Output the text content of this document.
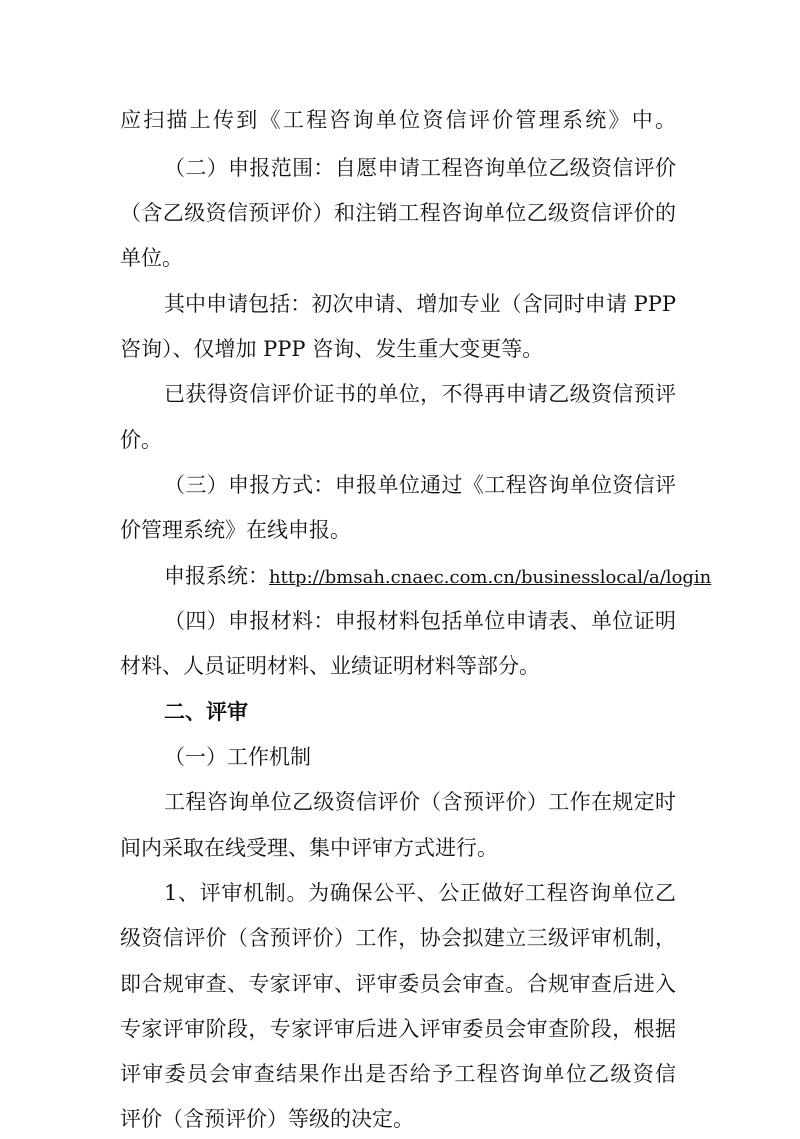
应扫描上传到《工程咨询单位资信评价管理系统》中。
（二）申报范围：自愿申请工程咨询单位乙级资信评价
（含乙级资信预评价）和注销工程咨询单位乙级资信评价的
单位。
其中申请包括：初次申请、增加专业（含同时申请 PPP
咨询）、仅增加 PPP 咨询、发生重大变更等。
已获得资信评价证书的单位，不得再申请乙级资信预评
价。
（三）申报方式：申报单位通过《工程咨询单位资信评
价管理系统》在线申报。
申报系统：http://bmsah.cnaec.com.cn/businesslocal/a/login
（四）申报材料：申报材料包括单位申请表、单位证明
材料、人员证明材料、业绩证明材料等部分。
二、评审
（一）工作机制
工程咨询单位乙级资信评价（含预评价）工作在规定时
间内采取在线受理、集中评审方式进行。
1、评审机制。为确保公平、公正做好工程咨询单位乙
级资信评价（含预评价）工作，协会拟建立三级评审机制，
即合规审查、专家评审、评审委员会审查。合规审查后进入
专家评审阶段，专家评审后进入评审委员会审查阶段，根据
评审委员会审查结果作出是否给予工程咨询单位乙级资信
评价（含预评价）等级的决定。
